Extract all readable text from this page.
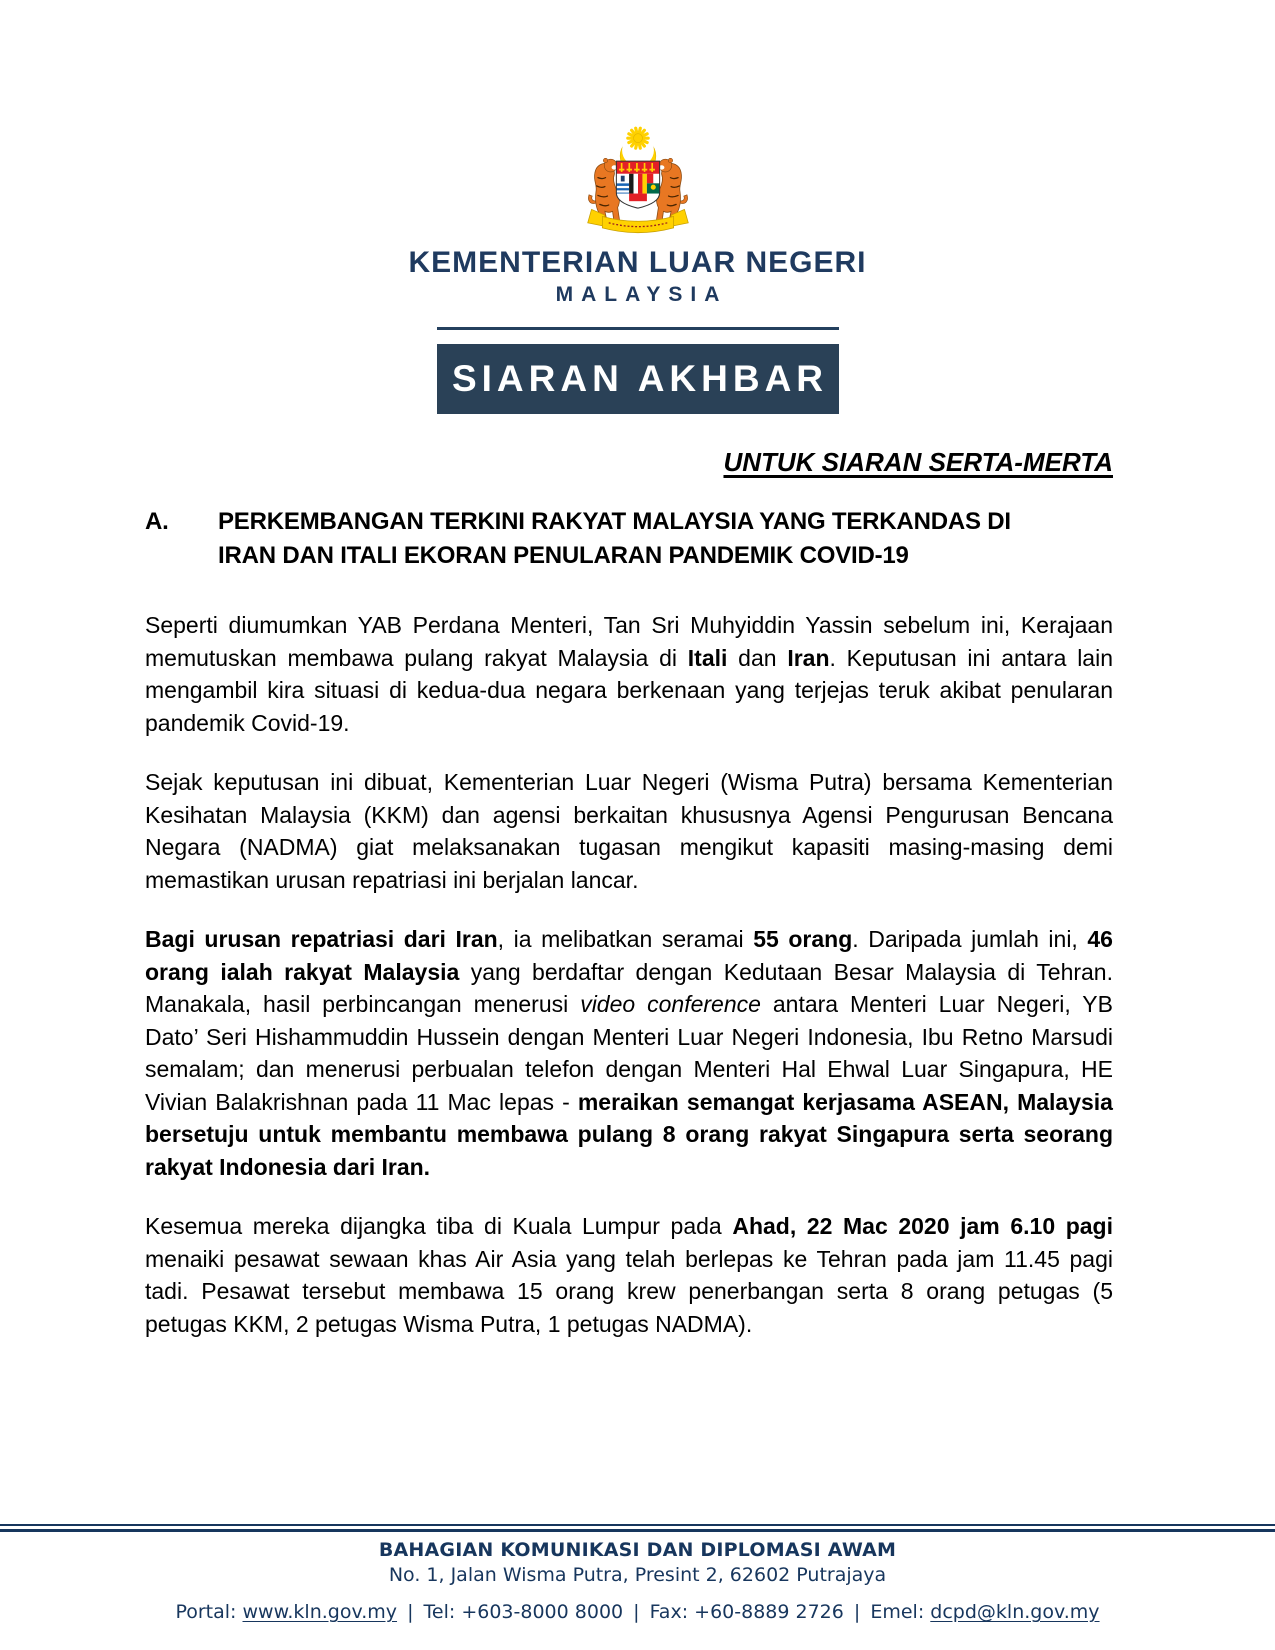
KEMENTERIAN LUAR NEGERI
MALAYSIA
SIARAN AKHBAR
UNTUK SIARAN SERTA-MERTA
A.	PERKEMBANGAN TERKINI RAKYAT MALAYSIA YANG TERKANDAS DI
IRAN DAN ITALI EKORAN PENULARAN PANDEMIK COVID-19

Seperti diumumkan YAB Perdana Menteri, Tan Sri Muhyiddin Yassin sebelum ini, Kerajaan memutuskan membawa pulang rakyat Malaysia di Itali dan Iran. Keputusan ini antara lain mengambil kira situasi di kedua-dua negara berkenaan yang terjejas teruk akibat penularan pandemik Covid-19.

Sejak keputusan ini dibuat, Kementerian Luar Negeri (Wisma Putra) bersama Kementerian Kesihatan Malaysia (KKM) dan agensi berkaitan khususnya Agensi Pengurusan Bencana Negara (NADMA) giat melaksanakan tugasan mengikut kapasiti masing-masing demi memastikan urusan repatriasi ini berjalan lancar.

Bagi urusan repatriasi dari Iran, ia melibatkan seramai 55 orang. Daripada jumlah ini, 46 orang ialah rakyat Malaysia yang berdaftar dengan Kedutaan Besar Malaysia di Tehran. Manakala, hasil perbincangan menerusi video conference antara Menteri Luar Negeri, YB Dato’ Seri Hishammuddin Hussein dengan Menteri Luar Negeri Indonesia, Ibu Retno Marsudi semalam; dan menerusi perbualan telefon dengan Menteri Hal Ehwal Luar Singapura, HE Vivian Balakrishnan pada 11 Mac lepas - meraikan semangat kerjasama ASEAN, Malaysia bersetuju untuk membantu membawa pulang 8 orang rakyat Singapura serta seorang rakyat Indonesia dari Iran.

Kesemua mereka dijangka tiba di Kuala Lumpur pada Ahad, 22 Mac 2020 jam 6.10 pagi menaiki pesawat sewaan khas Air Asia yang telah berlepas ke Tehran pada jam 11.45 pagi tadi. Pesawat tersebut membawa 15 orang krew penerbangan serta 8 orang petugas (5 petugas KKM, 2 petugas Wisma Putra, 1 petugas NADMA).

BAHAGIAN KOMUNIKASI DAN DIPLOMASI AWAM
No. 1, Jalan Wisma Putra, Presint 2, 62602 Putrajaya
Portal: www.kln.gov.my | Tel: +603-8000 8000 | Fax: +60-8889 2726 | Emel: dcpd@kln.gov.my
